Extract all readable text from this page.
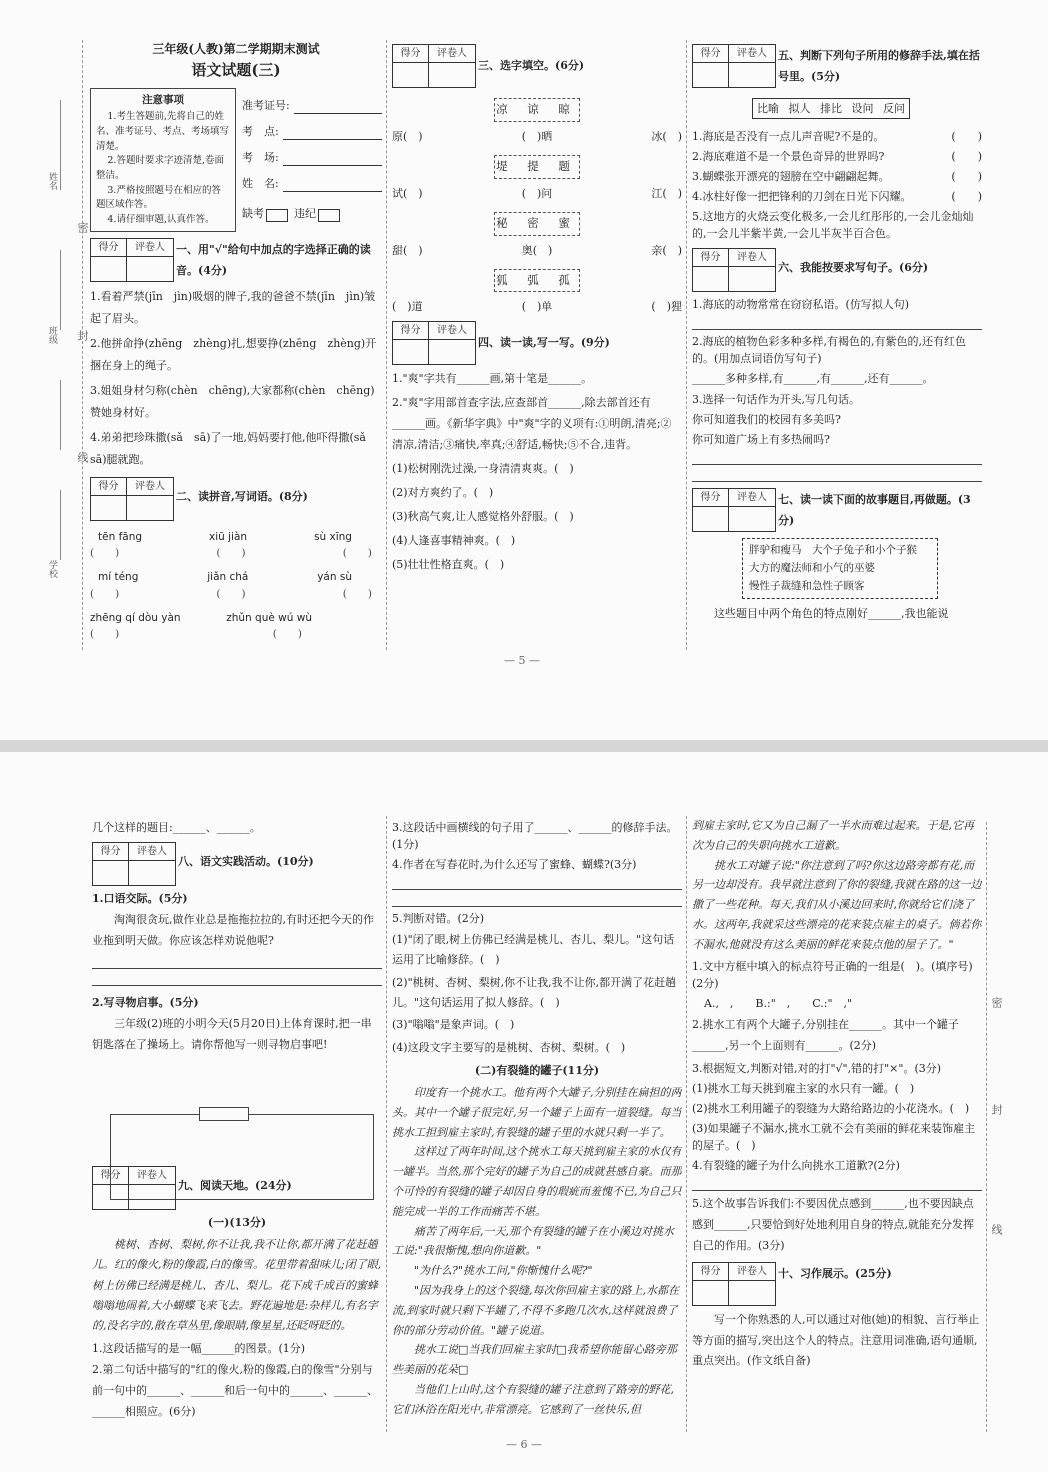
姓名
密
班级 封
线
学校
三年级(人教)第二学期期末测试
语文试题(三)
注意事项

1.考生答题前,先将自己的姓名、准考证号、考点、考场填写清楚。

2.答题时要求字迹清楚,卷面整洁。

3.严格按照题号在相应的答题区域作答。

4.请仔细审题,认真作答。

准考证号:
考　点:
考　场:
姓　名:
缺考	违纪
得分	评卷人	一、用"√"给句中加点的字选择正确的读音。(4分)
1.看着严禁(jīn　jìn)吸烟的牌子,我的爸爸不禁(jīn　jìn)皱起了眉头。
2.他拼命挣(zhēng　zhèng)扎,想要挣(zhēng　zhèng)开捆在身上的绳子。
3.姐姐身材匀称(chèn　chēng),大家都称(chèn　chēng)赞她身材好。
4.弟弟把珍珠撒(sǎ　sā)了一地,妈妈要打他,他吓得撒(sǎ　sā)腿就跑。
得分	评卷人
二、读拼音,写词语。(8分)
tēn fāng	xiū jiàn	sù xīng
(　　)	(　　)	(　　)
mí téng	jiǎn chá	yán sù
(　　)	(　　)	(　　)
zhēng qí dòu yàn	zhǔn què wú wù
(　　)	(　　)
得分	评卷人
三、选字填空。(6分)
凉 谅 晾
原(　)	(　)晒	冰(　)
堤 提 题
试(　)	(　)问	江(　)
秘 密 蜜
甜(　)	奥(　)	亲(　)
狐 弧 孤
(　)道	(　)单	(　)狸
得分	评卷人
四、读一读,写一写。(9分)
1."爽"字共有______画,第十笔是______。
2."爽"字用部首查字法,应查部首______,除去部首还有______画。《新华字典》中"爽"字的义项有:①明朗,清亮;②清凉,清洁;③痛快,率真;④舒适,畅快;⑤不合,违背。
(1)松树刚洗过澡,一身清清爽爽。(　)
(2)对方爽约了。(　)
(3)秋高气爽,让人感觉格外舒服。(　)
(4)人逢喜事精神爽。(　)
(5)壮壮性格直爽。(　)
得分	评卷人	五、判断下列句子所用的修辞手法,填在括号里。(5分)
比喻 拟人 排比 设问 反问
1.海底是否没有一点儿声音呢?不是的。	(　　)
2.海底难道不是一个景色奇异的世界吗?	(　　)
3.蝴蝶张开漂亮的翅膀在空中翩翩起舞。	(　　)
4.冰柱好像一把把锋利的刀剑在日光下闪耀。	(　　)
5.这地方的火烧云变化极多,一会儿红彤彤的,一会儿金灿灿的,一会儿半紫半黄,一会儿半灰半百合色。
得分	评卷人
六、我能按要求写句子。(6分)
1.海底的动物常常在窃窃私语。(仿写拟人句)
2.海底的植物色彩多种多样,有褐色的,有紫色的,还有红色的。(用加点词语仿写句子)
______多种多样,有______,有______,还有______。
3.选择一句话作为开头,写几句话。
你可知道我们的校园有多美吗?
你可知道广场上有多热闹吗?
得分	评卷人	七、读一读下面的故事题目,再做题。(3分)
胖驴和瘦马　大个子兔子和小个子猴
大方的魔法师和小气的巫婆
慢性子裁缝和急性子顾客
这些题目中两个角色的特点刚好______,我也能说
— 5 —
几个这样的题目:______、______。
得分	评卷人
八、语文实践活动。(10分)
1.口语交际。(5分)
淘淘很贪玩,做作业总是拖拖拉拉的,有时还把今天的作业拖到明天做。你应该怎样劝说他呢?
2.写寻物启事。(5分)
三年级(2)班的小明今天(5月20日)上体育课时,把一串钥匙落在了操场上。请你帮他写一则寻物启事吧!
得分	评卷人
九、阅读天地。(24分)
(一)(13分)
桃树、杏树、梨树,你不让我,我不让你,都开满了花赶趟儿。红的像火,粉的像霞,白的像雪。花里带着甜味儿;闭了眼,树上仿佛已经满是桃儿、杏儿、梨儿。花下成千成百的蜜蜂嗡嗡地闹着,大小蝴蝶飞来飞去。野花遍地是:杂样儿,有名字的,没名字的,散在草丛里,像眼睛,像星星,还眨呀眨的。
1.这段话描写的是一幅______的图景。(1分)
2.第二句话中描写的"红的像火,粉的像霞,白的像雪"分别与前一句中的______、______和后一句中的______、______、______相照应。(6分)
3.这段话中画横线的句子用了______、______的修辞手法。(1分)
4.作者在写春花时,为什么还写了蜜蜂、蝴蝶?(3分)
5.判断对错。(2分)
(1)"闭了眼,树上仿佛已经满是桃儿、杏儿、梨儿。"这句话运用了比喻修辞。(　)
(2)"桃树、杏树、梨树,你不让我,我不让你,都开满了花赶趟儿。"这句话运用了拟人修辞。(　)
(3)"嗡嗡"是象声词。(　)
(4)这段文字主要写的是桃树、杏树、梨树。(　)
(二)有裂缝的罐子(11分)
印度有一个挑水工。他有两个大罐子,分别挂在扁担的两头。其中一个罐子很完好,另一个罐子上面有一道裂缝。每当挑水工担到雇主家时,有裂缝的罐子里的水就只剩一半了。
这样过了两年时间,这个挑水工每天挑到雇主家的水仅有一罐半。当然,那个完好的罐子为自己的成就甚感自豪。而那个可怜的有裂缝的罐子却因自身的瑕疵而羞愧不已,为自己只能完成一半的工作而痛苦不堪。
痛苦了两年后,一天,那个有裂缝的罐子在小溪边对挑水工说:"我很惭愧,想向你道歉。"
"为什么?"挑水工问,"你惭愧什么呢?"
"因为我身上的这个裂缝,每次你回雇主家的路上,水都在流,到家时就只剩下半罐了,不得不多跑几次水,这样就浪费了你的部分劳动价值。"罐子说道。
挑水工说□当我们回雇主家时□我希望你能留心路旁那些美丽的花朵□
当他们上山时,这个有裂缝的罐子注意到了路旁的野花,它们沐浴在阳光中,非常漂亮。它感到了一丝快乐,但
到雇主家时,它又为自己漏了一半水而难过起来。于是,它再次为自己的失职向挑水工道歉。
挑水工对罐子说:"你注意到了吗?你这边路旁都有花,而另一边却没有。我早就注意到了你的裂缝,我就在路的这一边撒了一些花种。每天,我们从小溪边回来时,你就给它们浇了水。这两年,我就采这些漂亮的花来装点雇主的桌子。倘若你不漏水,他就没有这么美丽的鲜花来装点他的屋子了。"
1.文中方框中填入的标点符号正确的一组是(　)。(填序号)(2分)
A.,　,　　B.:"　,　　C.:"　,"
2.挑水工有两个大罐子,分别挂在______。其中一个罐子______,另一个上面则有______。(2分)
3.根据短文,判断对错,对的打"√",错的打"×"。(3分)
(1)挑水工每天挑到雇主家的水只有一罐。(　)
(2)挑水工利用罐子的裂缝为大路给路边的小花浇水。(　)
(3)如果罐子不漏水,挑水工就不会有美丽的鲜花来装饰雇主的屋子。(　)
4.有裂缝的罐子为什么向挑水工道歉?(2分)
5.这个故事告诉我们:不要因优点感到______,也不要因缺点感到______,只要恰到好处地利用自身的特点,就能充分发挥自己的作用。(3分)
得分	评卷人	十、习作展示。(25分)
写一个你熟悉的人,可以通过对他(她)的相貌、言行举止等方面的描写,突出这个人的特点。注意用词准确,语句通顺,重点突出。(作文纸自备)
密
封
线
— 6 —
